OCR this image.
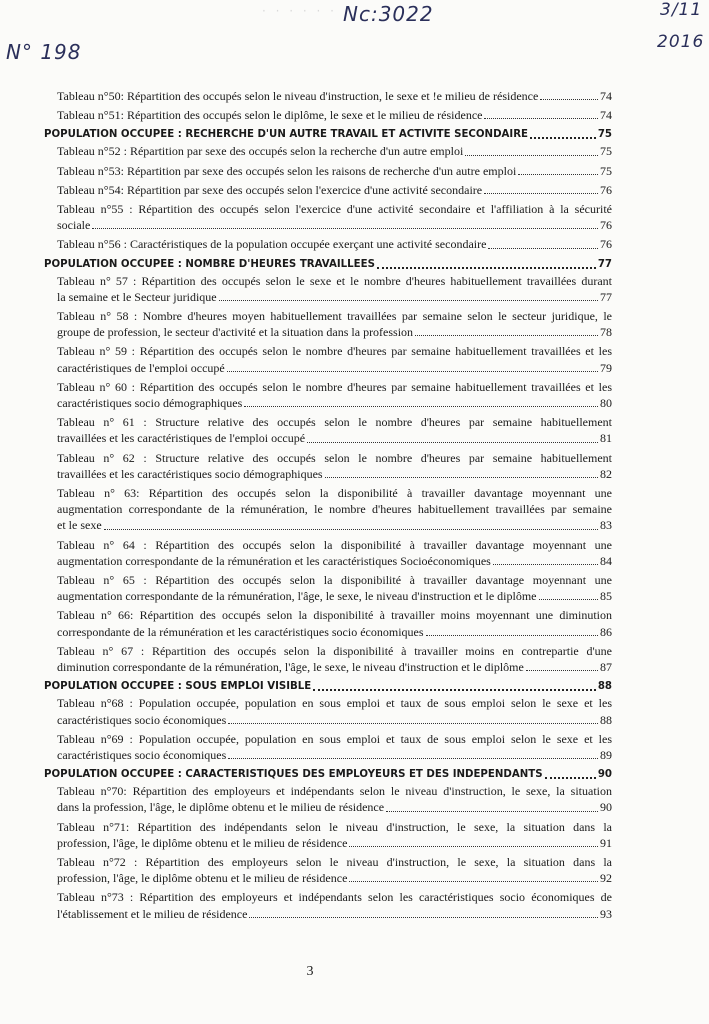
· · · · · · Nc:3022
N° 198
3/11
2016
Tableau n°50: Répartition des occupés selon le niveau d'instruction, le sexe et !e milieu de résidence	74
Tableau n°51: Répartition des occupés selon le diplôme, le sexe et le milieu de résidence	74
POPULATION OCCUPEE : RECHERCHE D'UN AUTRE TRAVAIL ET ACTIVITE SECONDAIRE	75
Tableau n°52 : Répartition par sexe des occupés selon la recherche d'un autre emploi	75
Tableau n°53: Répartition par sexe des occupés selon les raisons de recherche d'un autre emploi	75
Tableau n°54: Répartition par sexe des occupés selon l'exercice d'une activité secondaire	76
Tableau n°55 : Répartition des occupés selon l'exercice d'une activité secondaire et l'affiliation à la sécurité
sociale	76
Tableau n°56 : Caractéristiques de la population occupée exerçant une activité secondaire	76
POPULATION OCCUPEE : NOMBRE D'HEURES TRAVAILLEES	77
Tableau n° 57 : Répartition des occupés selon le sexe et le nombre d'heures habituellement travaillées durant
la semaine et le Secteur juridique	77
Tableau n° 58 : Nombre d'heures moyen habituellement travaillées par semaine selon le secteur juridique, le
groupe de profession, le secteur d'activité et la situation dans la profession	78
Tableau n° 59 : Répartition des occupés selon le nombre d'heures par semaine habituellement travaillées et les
caractéristiques de l'emploi occupé	79
Tableau n° 60 : Répartition des occupés selon le nombre d'heures par semaine habituellement travaillées et les
caractéristiques socio démographiques	80
Tableau n° 61 : Structure relative des occupés selon le nombre d'heures par semaine habituellement
travaillées et les caractéristiques de l'emploi occupé	81
Tableau n° 62 : Structure relative des occupés selon le nombre d'heures par semaine habituellement
travaillées et les caractéristiques socio démographiques	82
Tableau n° 63: Répartition des occupés selon la disponibilité à travailler davantage moyennant une
augmentation correspondante de la rémunération, le nombre d'heures habituellement travaillées par semaine
et le sexe	83
Tableau n° 64 : Répartition des occupés selon la disponibilité à travailler davantage moyennant une
augmentation correspondante de la rémunération et les caractéristiques Socioéconomiques	84
Tableau n° 65 : Répartition des occupés selon la disponibilité à travailler davantage moyennant une
augmentation correspondante de la rémunération, l'âge, le sexe, le niveau d'instruction et le diplôme	85
Tableau n° 66: Répartition des occupés selon la disponibilité à travailler moins moyennant une diminution
correspondante de la rémunération et les caractéristiques socio économiques	86
Tableau n° 67 : Répartition des occupés selon la disponibilité à travailler moins en contrepartie d'une
diminution correspondante de la rémunération, l'âge, le sexe, le niveau d'instruction et le diplôme	87
POPULATION OCCUPEE : SOUS EMPLOI VISIBLE	88
Tableau n°68 : Population occupée, population en sous emploi et taux de sous emploi selon le sexe et les
caractéristiques socio économiques	88
Tableau n°69 : Population occupée, population en sous emploi et taux de sous emploi selon le sexe et les
caractéristiques socio économiques	89
POPULATION OCCUPEE : CARACTERISTIQUES DES EMPLOYEURS ET DES INDEPENDANTS	90
Tableau n°70: Répartition des employeurs et indépendants selon le niveau d'instruction, le sexe, la situation
dans la profession, l'âge, le diplôme obtenu et le milieu de résidence	90
Tableau n°71: Répartition des indépendants selon le niveau d'instruction, le sexe, la situation dans la
profession, l'âge, le diplôme obtenu et le milieu de résidence	91
Tableau n°72 : Répartition des employeurs selon le niveau d'instruction, le sexe, la situation dans la
profession, l'âge, le diplôme obtenu et le milieu de résidence	92
Tableau n°73 : Répartition des employeurs et indépendants selon les caractéristiques socio économiques de
l'établissement et le milieu de résidence	93
3
